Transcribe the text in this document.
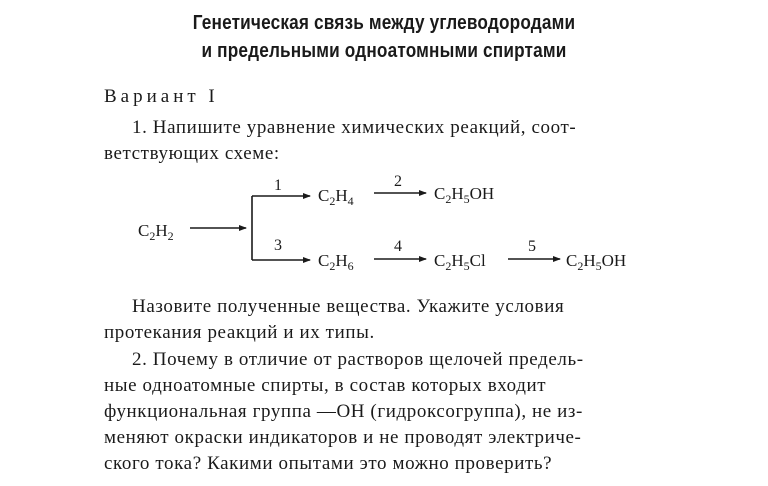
Генетическая связь между углеводородами
и предельными одноатомными спиртами
Вариант I
1. Напишите уравнение химических реакций, соот-
ветствующих схеме:
$C_2H_2$
1
$C_2H_4$
2
$C_2H_5OH$
3
$C_2H_6$
4
$C_2H_5Cl$
5
$C_2H_5OH$
Назовите полученные вещества. Укажите условия
протекания реакций и их типы.
2. Почему в отличие от растворов щелочей предель-
ные одноатомные спирты, в состав которых входит
функциональная группа —OH (гидроксогруппа), не из-
меняют окраски индикаторов и не проводят электриче-
ского тока? Какими опытами это можно проверить?
